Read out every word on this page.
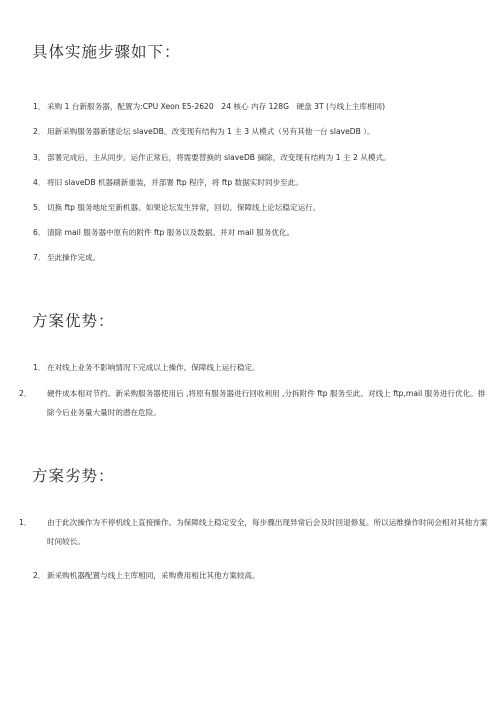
具体实施步骤如下：
1． 采购 1 台新服务器，配置为:CPU Xeon E5-2620　24 核心 内存 128G　硬盘 3T (与线上主库相同)
2． 用新采购服务器新建论坛 slaveDB。改变现有结构为 1 主 3 从模式（另有其他一台 slaveDB ）。
3． 部署完成后，主从同步。运作正常后，将需要替换的 slaveDB 摘除，改变现有结构为 1 主 2 从模式。
4． 将旧 slaveDB 机器刷新重装，并部署 ftp 程序，将 ftp 数据实时同步至此。
5． 切换 ftp 服务地址至新机器。如果论坛发生异常，回切。保障线上论坛稳定运行。
6． 清除 mail 服务器中原有的附件 ftp 服务以及数据。并对 mail 服务优化。
7． 至此操作完成。
方案优势：
1． 在对线上业务不影响情况下完成以上操作。保障线上运行稳定。
2． 硬件成本相对节约。新采购服务器使用后 ,将原有服务器进行回收利用 ,分拆附件 ftp 服务至此。对线上 ftp,mail 服务进行优化。排除今后业务量大量时的潜在危险。
方案劣势：
1． 由于此次操作为不停机线上直接操作。为保障线上稳定安全，每步骤出现异常后会及时回退修复。所以运维操作时间会相对其他方案时间较长。
2． 新采购机器配置与线上主库相同，采购费用相比其他方案较高。
